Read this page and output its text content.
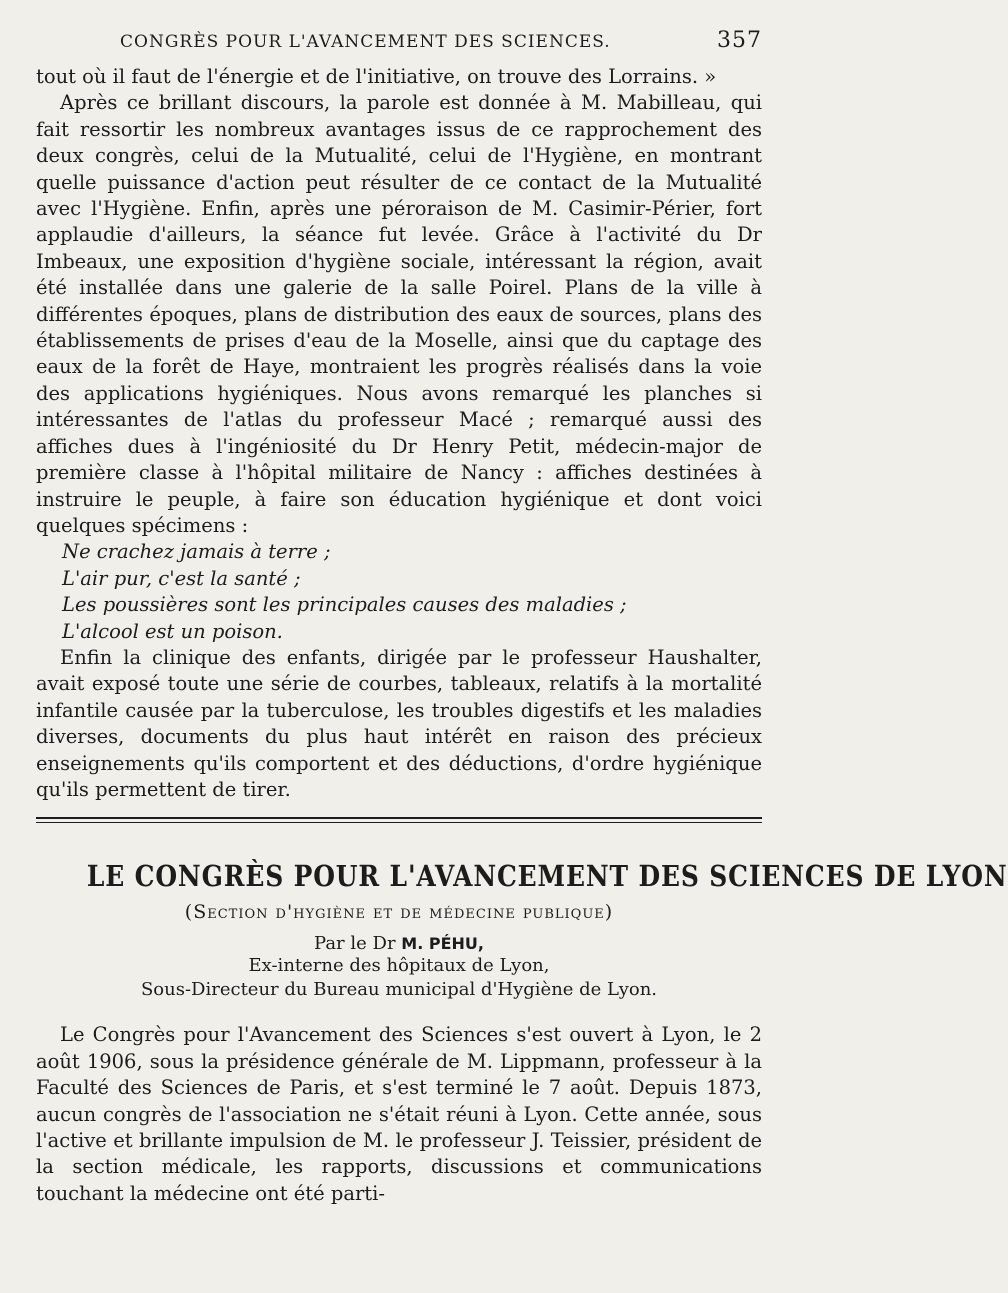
CONGRÈS POUR L'AVANCEMENT DES SCIENCES.	357

tout où il faut de l'énergie et de l'initiative, on trouve des Lorrains. »

Après ce brillant discours, la parole est donnée à M. Mabilleau, qui fait ressortir les nombreux avantages issus de ce rapprochement des deux congrès, celui de la Mutualité, celui de l'Hygiène, en montrant quelle puissance d'action peut résulter de ce contact de la Mutualité avec l'Hygiène. Enfin, après une péroraison de M. Casimir-Périer, fort applaudie d'ailleurs, la séance fut levée. Grâce à l'activité du Dr Imbeaux, une exposition d'hygiène sociale, intéressant la région, avait été installée dans une galerie de la salle Poirel. Plans de la ville à différentes époques, plans de distribution des eaux de sources, plans des établissements de prises d'eau de la Moselle, ainsi que du captage des eaux de la forêt de Haye, montraient les progrès réalisés dans la voie des applications hygiéniques. Nous avons remarqué les planches si intéressantes de l'atlas du professeur Macé ; remarqué aussi des affiches dues à l'ingéniosité du Dr Henry Petit, médecin-major de première classe à l'hôpital militaire de Nancy : affiches destinées à instruire le peuple, à faire son éducation hygiénique et dont voici quelques spécimens :

Ne crachez jamais à terre ;
L'air pur, c'est la santé ;
Les poussières sont les principales causes des maladies ;
L'alcool est un poison.

Enfin la clinique des enfants, dirigée par le professeur Haushalter, avait exposé toute une série de courbes, tableaux, relatifs à la mortalité infantile causée par la tuberculose, les troubles digestifs et les maladies diverses, documents du plus haut intérêt en raison des précieux enseignements qu'ils comportent et des déductions, d'ordre hygiénique qu'ils permettent de tirer.

LE CONGRÈS POUR L'AVANCEMENT DES SCIENCES DE LYON
(Section d'hygiène et de médecine publique)
Par le Dr M. PÉHU,
Ex-interne des hôpitaux de Lyon,
Sous-Directeur du Bureau municipal d'Hygiène de Lyon.

Le Congrès pour l'Avancement des Sciences s'est ouvert à Lyon, le 2 août 1906, sous la présidence générale de M. Lippmann, professeur à la Faculté des Sciences de Paris, et s'est terminé le 7 août. Depuis 1873, aucun congrès de l'association ne s'était réuni à Lyon. Cette année, sous l'active et brillante impulsion de M. le professeur J. Teissier, président de la section médicale, les rapports, discussions et communications touchant la médecine ont été parti-
